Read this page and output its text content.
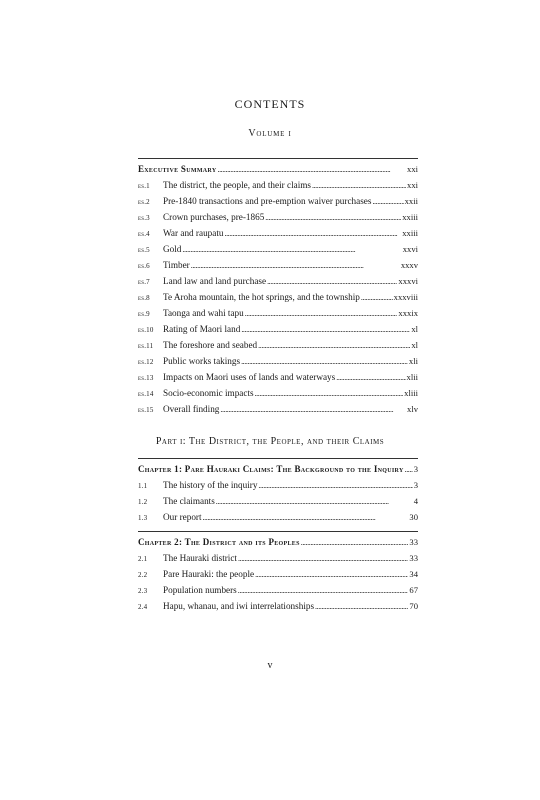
CONTENTS
Volume i
Executive Summary . . .	xxi
es.1	The district, the people, and their claims . . .	xxi
es.2	Pre-1840 transactions and pre-emption waiver purchases . . .	xxii
es.3	Crown purchases, pre-1865 . . .	xxiii
es.4	War and raupatu . . .	xxiii
es.5	Gold . . .	xxvi
es.6	Timber . . .	xxxv
es.7	Land law and land purchase . . .	xxxvi
es.8	Te Aroha mountain, the hot springs, and the township . . .	xxxviii
es.9	Taonga and wahi tapu . . .	xxxix
es.10	Rating of Maori land . . .	xl
es.11	The foreshore and seabed . . .	xl
es.12	Public works takings . . .	xli
es.13	Impacts on Maori uses of lands and waterways . . .	xlii
es.14	Socio-economic impacts . . .	xliii
es.15	Overall finding . . .	xlv
Part i: The District, the People, and their Claims
Chapter 1: Pare Hauraki Claims: The Background to the Inquiry . . . 3
1.1	The history of the inquiry . . .	3
1.2	The claimants . . .	4
1.3	Our report . . .	30
Chapter 2: The District and its Peoples . . .	33
2.1	The Hauraki district . . .	33
2.2	Pare Hauraki: the people . . .	34
2.3	Population numbers . . .	67
2.4	Hapu, whanau, and iwi interrelationships . . .	70
v
